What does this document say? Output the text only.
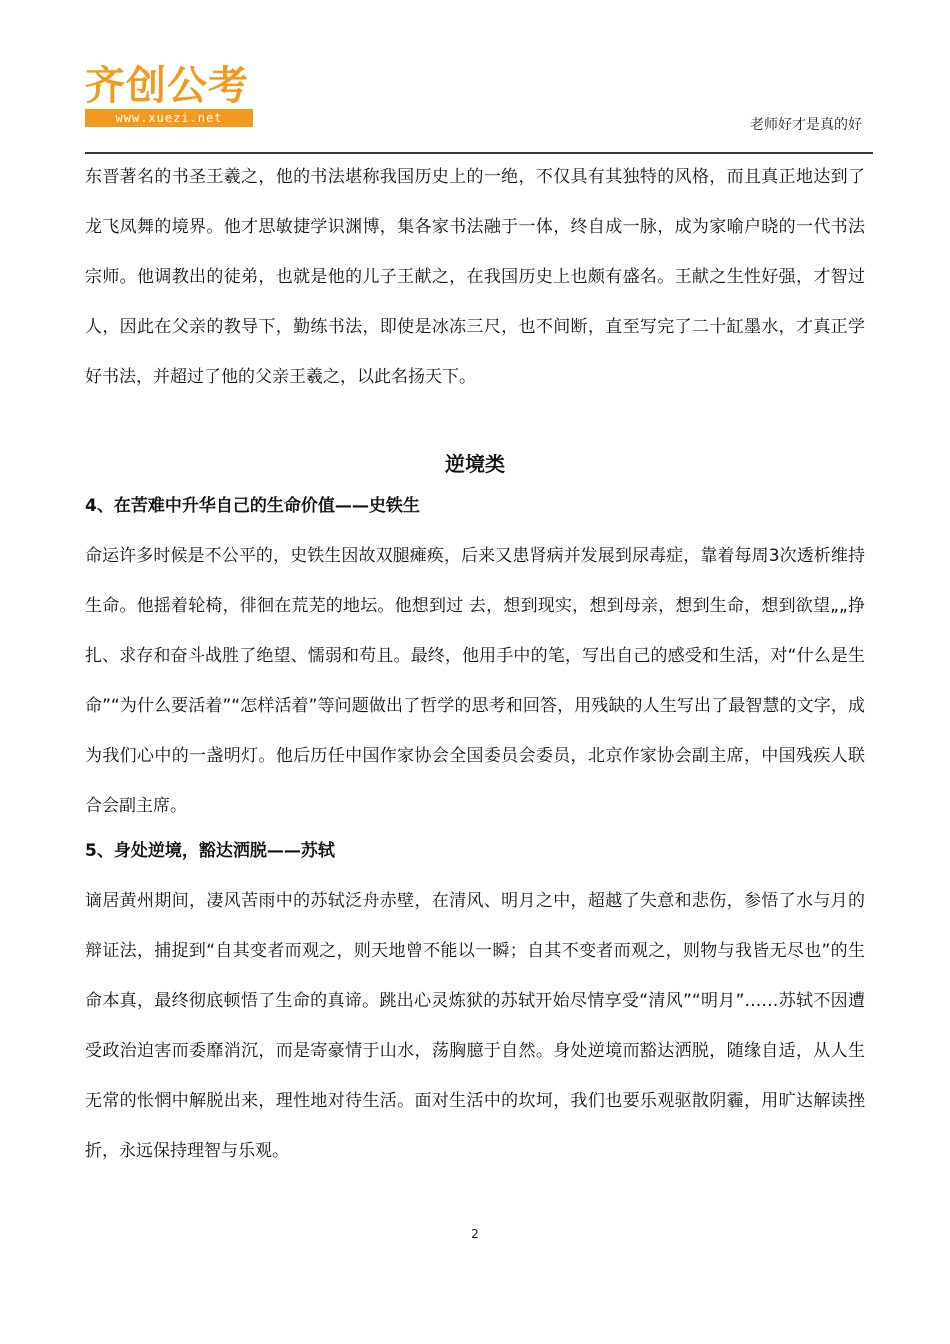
齐创公考
www.xuezi.net	老师好才是真的好

东晋著名的书圣王羲之，他的书法堪称我国历史上的一绝，不仅具有其独特的风格，而且真正地达到了龙飞凤舞的境界。他才思敏捷学识渊博，集各家书法融于一体，终自成一脉，成为家喻户晓的一代书法宗师。他调教出的徒弟，也就是他的儿子王献之，在我国历史上也颇有盛名。王献之生性好强，才智过人，因此在父亲的教导下，勤练书法，即使是冰冻三尺，也不间断，直至写完了二十缸墨水，才真正学好书法，并超过了他的父亲王羲之，以此名扬天下。

逆境类
4、在苦难中升华自己的生命价值——史铁生

命运许多时候是不公平的，史铁生因故双腿瘫痪，后来又患肾病并发展到尿毒症，靠着每周3次透析维持生命。他摇着轮椅，徘徊在荒芜的地坛。他想到过 去，想到现实，想到母亲，想到生命，想到欲望„„挣扎、求存和奋斗战胜了绝望、懦弱和苟且。最终，他用手中的笔，写出自己的感受和生活，对“什么是生命”“为什么要活着”“怎样活着”等问题做出了哲学的思考和回答，用残缺的人生写出了最智慧的文字，成为我们心中的一盏明灯。他后历任中国作家协会全国委员会委员，北京作家协会副主席，中国残疾人联合会副主席。

5、身处逆境，豁达洒脱——苏轼

谪居黄州期间，凄风苦雨中的苏轼泛舟赤壁，在清风、明月之中，超越了失意和悲伤，参悟了水与月的辩证法，捕捉到“自其变者而观之，则天地曾不能以一瞬；自其不变者而观之，则物与我皆无尽也”的生命本真，最终彻底顿悟了生命的真谛。跳出心灵炼狱的苏轼开始尽情享受“清风”“明月”……苏轼不因遭受政治迫害而委靡消沉，而是寄豪情于山水，荡胸臆于自然。身处逆境而豁达洒脱，随缘自适，从人生无常的怅惘中解脱出来，理性地对待生活。面对生活中的坎坷，我们也要乐观驱散阴霾，用旷达解读挫折，永远保持理智与乐观。

2
